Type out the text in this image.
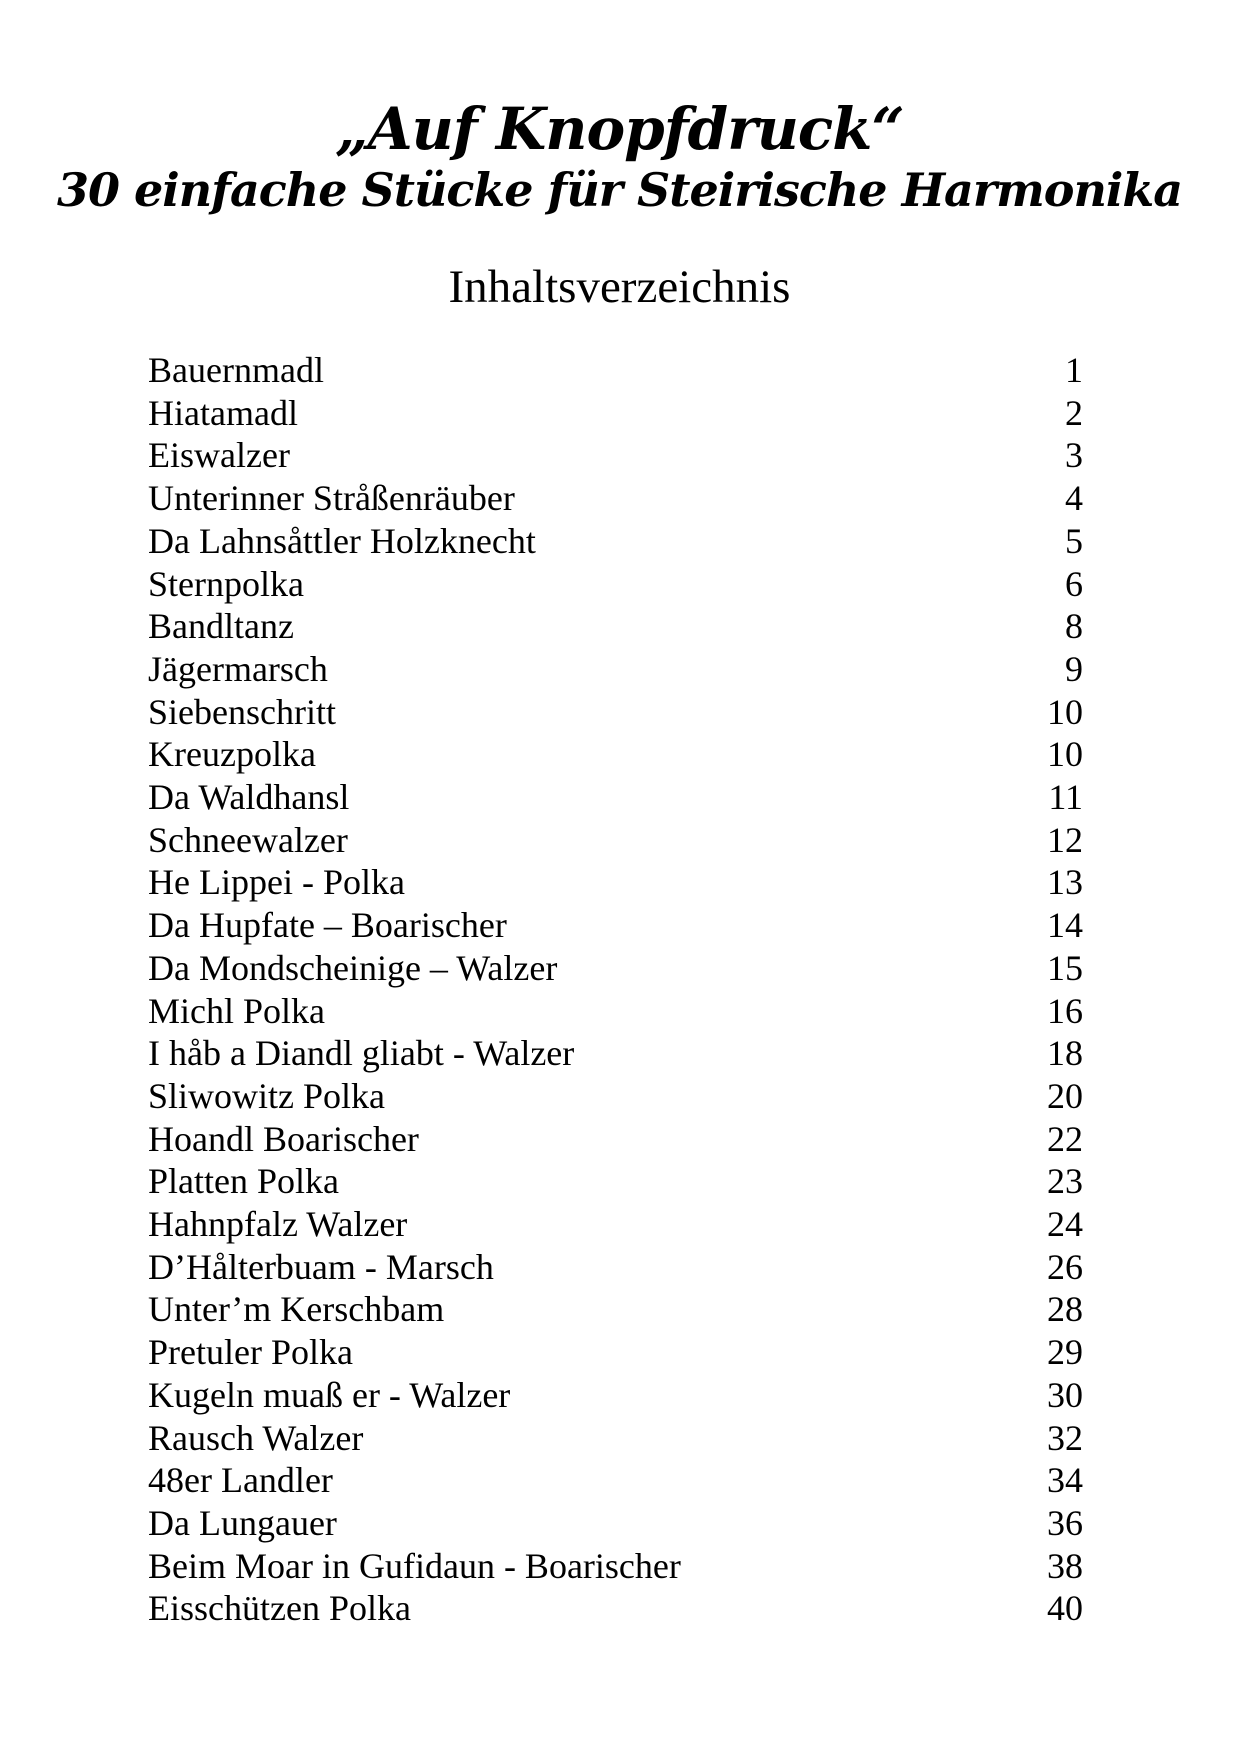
„Auf Knopfdruck“
30 einfache Stücke für Steirische Harmonika
Inhaltsverzeichnis
Bauernmadl	1
Hiatamadl	2
Eiswalzer	3
Unterinner Stråßenräuber	4
Da Lahnsåttler Holzknecht	5
Sternpolka	6
Bandltanz	8
Jägermarsch	9
Siebenschritt	10
Kreuzpolka	10
Da Waldhansl	11
Schneewalzer	12
He Lippei - Polka	13
Da Hupfate – Boarischer	14
Da Mondscheinige – Walzer	15
Michl Polka	16
I håb a Diandl gliabt - Walzer	18
Sliwowitz Polka	20
Hoandl Boarischer	22
Platten Polka	23
Hahnpfalz Walzer	24
D’Hålterbuam - Marsch	26
Unter’m Kerschbam	28
Pretuler Polka	29
Kugeln muaß er - Walzer	30
Rausch Walzer	32
48er Landler	34
Da Lungauer	36
Beim Moar in Gufidaun - Boarischer	38
Eisschützen Polka	40
